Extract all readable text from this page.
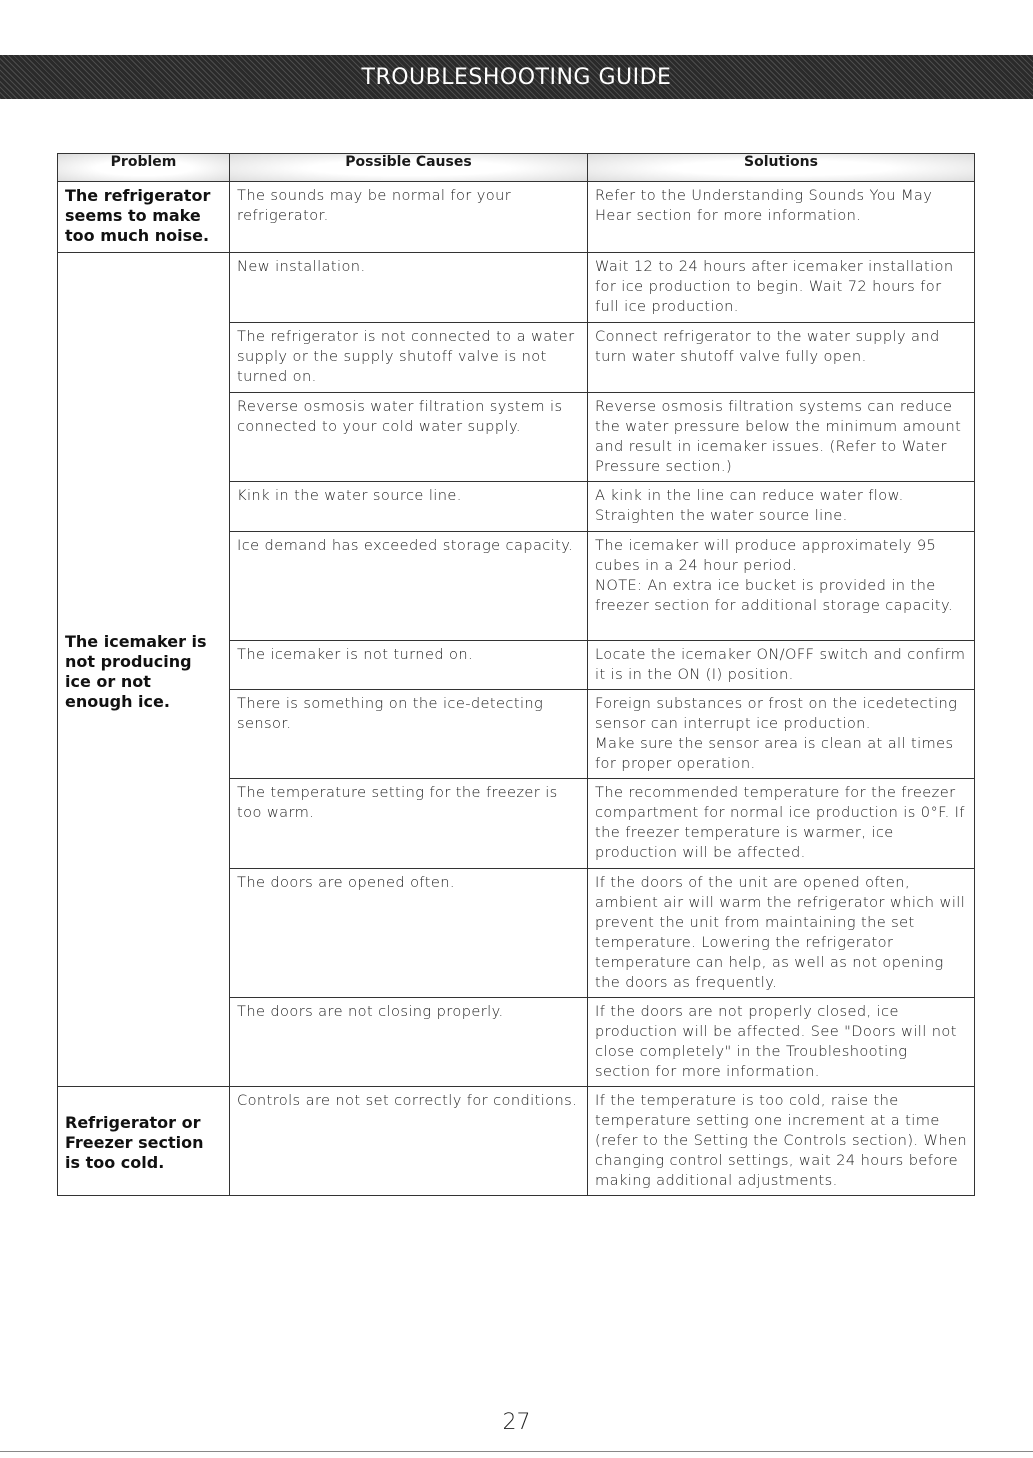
TROUBLESHOOTING GUIDE
Problem	Possible Causes	Solutions
The refrigerator seems to make too much noise.	The sounds may be normal for your refrigerator.	Refer to the Understanding Sounds You May Hear section for more information.
The icemaker is not producing ice or not enough ice.	New installation.	Wait 12 to 24 hours after icemaker installation for ice production to begin. Wait 72 hours for full ice production.
	The refrigerator is not connected to a water supply or the supply shutoff valve is not turned on.	Connect refrigerator to the water supply and turn water shutoff valve fully open.
	Reverse osmosis water filtration system is connected to your cold water supply.	Reverse osmosis filtration systems can reduce the water pressure below the minimum amount and result in icemaker issues. (Refer to Water Pressure section.)
	Kink in the water source line.	A kink in the line can reduce water flow. Straighten the water source line.
	Ice demand has exceeded storage capacity.	The icemaker will produce approximately 95 cubes in a 24 hour period.
NOTE: An extra ice bucket is provided in the freezer section for additional storage capacity.

	The icemaker is not turned on.	Locate the icemaker ON/OFF switch and confirm it is in the ON (I) position.
	There is something on the ice-detecting sensor.	Foreign substances or frost on the icedetecting sensor can interrupt ice production.
Make sure the sensor area is clean at all times for proper operation.

	The temperature setting for the freezer is too warm.	The recommended temperature for the freezer compartment for normal ice production is 0°F. If the freezer temperature is warmer, ice production will be affected.
	The doors are opened often.	If the doors of the unit are opened often, ambient air will warm the refrigerator which will prevent the unit from maintaining the set temperature. Lowering the refrigerator temperature can help, as well as not opening the doors as frequently.
	The doors are not closing properly.	If the doors are not properly closed, ice production will be affected. See "Doors will not close completely" in the Troubleshooting section for more information.
Refrigerator or Freezer section is too cold.	Controls are not set correctly for conditions.	If the temperature is too cold, raise the temperature setting one increment at a time (refer to the Setting the Controls section). When changing control settings, wait 24 hours before making additional adjustments.
27
